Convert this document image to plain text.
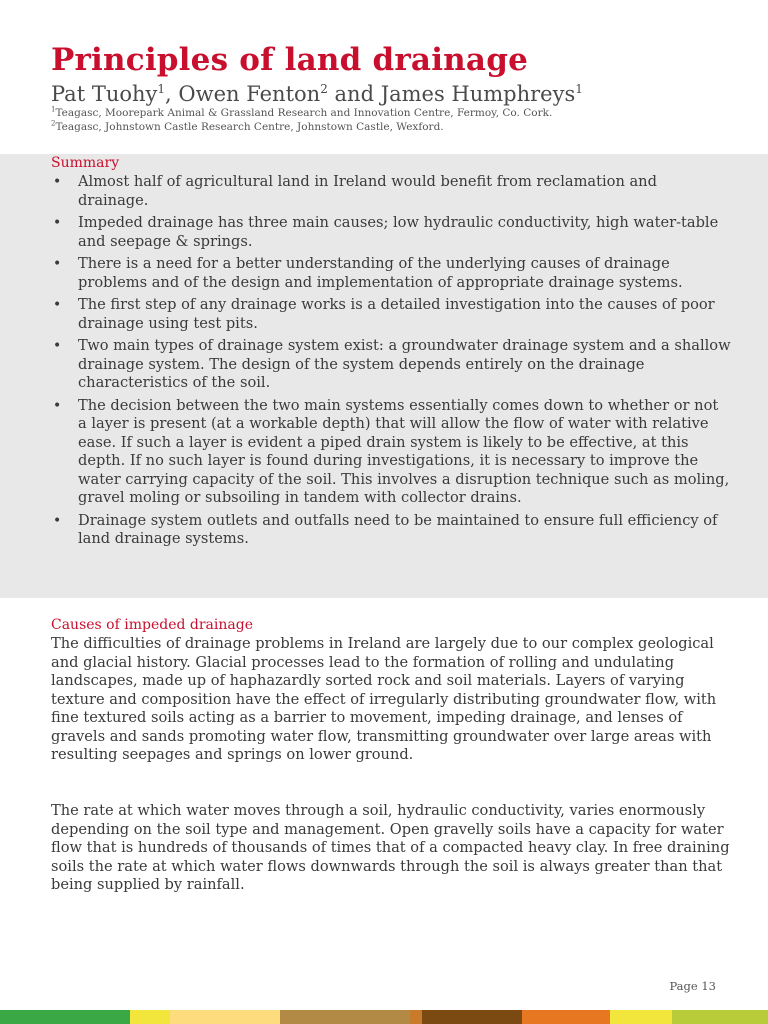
Principles of land drainage
Pat Tuohy$^1$, Owen Fenton$^2$ and James Humphreys$^1$
$^1$Teagasc, Moorepark Animal & Grassland Research and Innovation Centre, Fermoy, Co. Cork.
$^2$Teagasc, Johnstown Castle Research Centre, Johnstown Castle, Wexford.
Summary
• Almost half of agricultural land in Ireland would benefit from reclamation and drainage.
• Impeded drainage has three main causes; low hydraulic conductivity, high water-table and seepage & springs.
• There is a need for a better understanding of the underlying causes of drainage problems and of the design and implementation of appropriate drainage systems.
• The first step of any drainage works is a detailed investigation into the causes of poor drainage using test pits.
• Two main types of drainage system exist: a groundwater drainage system and a shallow drainage system. The design of the system depends entirely on the drainage characteristics of the soil.
• The decision between the two main systems essentially comes down to whether or not a layer is present (at a workable depth) that will allow the flow of water with relative ease. If such a layer is evident a piped drain system is likely to be effective, at this depth. If no such layer is found during investigations, it is necessary to improve the water carrying capacity of the soil. This involves a disruption technique such as moling, gravel moling or subsoiling in tandem with collector drains.
• Drainage system outlets and outfalls need to be maintained to ensure full efficiency of land drainage systems.
Causes of impeded drainage

The difficulties of drainage problems in Ireland are largely due to our complex geological and glacial history. Glacial processes lead to the formation of rolling and undulating landscapes, made up of haphazardly sorted rock and soil materials. Layers of varying texture and composition have the effect of irregularly distributing groundwater flow, with fine textured soils acting as a barrier to movement, impeding drainage, and lenses of gravels and sands promoting water flow, transmitting groundwater over large areas with resulting seepages and springs on lower ground.

The rate at which water moves through a soil, hydraulic conductivity, varies enormously depending on the soil type and management. Open gravelly soils have a capacity for water flow that is hundreds of thousands of times that of a compacted heavy clay. In free draining soils the rate at which water flows downwards through the soil is always greater than that being supplied by rainfall.

Page 13
